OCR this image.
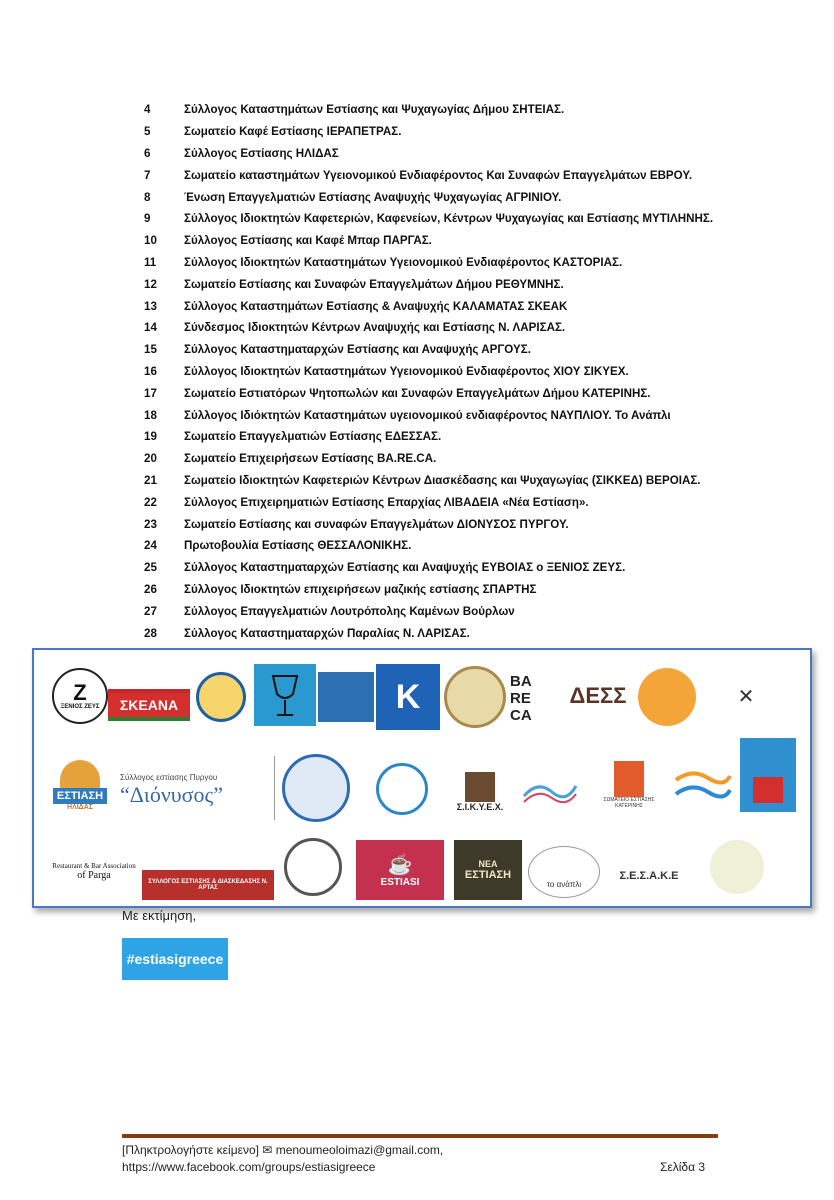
4	Σύλλογος Καταστημάτων Εστίασης και Ψυχαγωγίας Δήμου ΣΗΤΕΙΑΣ.
5	Σωματείο Καφέ Εστίασης ΙΕΡΑΠΕΤΡΑΣ.
6	Σύλλογος Εστίασης ΗΛΙΔΑΣ
7	Σωματείο καταστημάτων Υγειονομικού Ενδιαφέροντος Και Συναφών Επαγγελμάτων ΕΒΡΟΥ.
8	Ένωση Επαγγελματιών Εστίασης Αναψυχής Ψυχαγωγίας ΑΓΡΙΝΙΟΥ.
9	Σύλλογος Ιδιοκτητών Καφετεριών, Καφενείων, Κέντρων Ψυχαγωγίας και Εστίασης ΜΥΤΙΛΗΝΗΣ.
10	Σύλλογος Εστίασης και Καφέ Μπαρ ΠΑΡΓΑΣ.
11	Σύλλογος Ιδιοκτητών Καταστημάτων Υγειονομικού Ενδιαφέροντος ΚΑΣΤΟΡΙΑΣ.
12	Σωματείο Εστίασης και Συναφών Επαγγελμάτων Δήμου ΡΕΘΥΜΝΗΣ.
13	Σύλλογος Καταστημάτων Εστίασης & Αναψυχής ΚΑΛΑΜΑΤΑΣ ΣΚΕΑΚ
14	Σύνδεσμος Ιδιοκτητών Κέντρων Αναψυχής και Εστίασης Ν. ΛΑΡΙΣΑΣ.
15	Σύλλογος Καταστηματαρχών Εστίασης και Αναψυχής ΑΡΓΟΥΣ.
16	Σύλλογος Ιδιοκτητών Καταστημάτων Υγειονομικού Ενδιαφέροντος ΧΙΟΥ ΣΙΚΥΕΧ.
17	Σωματείο Εστιατόρων Ψητοπωλών και Συναφών Επαγγελμάτων Δήμου ΚΑΤΕΡΙΝΗΣ.
18	Σύλλογος Ιδιόκτητών Καταστημάτων υγειονομικού ενδιαφέροντος ΝΑΥΠΛΙΟΥ. Το Ανάπλι
19	Σωματείο Επαγγελματιών Εστίασης ΕΔΕΣΣΑΣ.
20	Σωματείο Επιχειρήσεων Εστίασης BA.RE.CA.
21	Σωματείο Ιδιοκτητών Καφετεριών Κέντρων Διασκέδασης και Ψυχαγωγίας (ΣΙΚΚΕΔ) ΒΕΡΟΙΑΣ.
22	Σύλλογος Επιχειρηματιών Εστίασης Επαρχίας ΛΙΒΑΔΕΙΑ «Νέα Εστίαση».
23	Σωματείο Εστίασης και συναφών Επαγγελμάτων ΔΙΟΝΥΣΟΣ ΠΥΡΓΟΥ.
24	Πρωτοβουλία Εστίασης ΘΕΣΣΑΛΟΝΙΚΗΣ.
25	Σύλλογος Καταστηματαρχών Εστίασης και Αναψυχής ΕΥΒΟΙΑΣ ο ΞΕΝΙΟΣ ΖΕΥΣ.
26	Σύλλογος Ιδιοκτητών επιχειρήσεων μαζικής εστίασης ΣΠΑΡΤΗΣ
27	Σύλλογος Επαγγελματιών Λουτρόπολης Καμένων Βούρλων
28	Σύλλογος Καταστηματαρχών Παραλίας Ν. ΛΑΡΙΣΑΣ.
Ζ
ΞΕΝΙΟΣ ΖΕΥΣ	ΣΚΕΑΝΑ	K	BA
RE
CA
ΔΕΣΣ	✕
ΕΣΤΙΑΣΗ
ΗΛΙΔΑΣ
Σύλλογος εστίασης Πυργου
“Διόνυσος”
Σ.Ι.Κ.Υ.Ε.Χ.
ΣΩΜΑΤΕΙΟ ΕΣΤΙΑΣΗΣ ΚΑΤΕΡΙΝΗΣ
Restaurant & Bar Association
of Parga
ΣΥΛΛΟΓΟΣ ΕΣΤΙΑΣΗΣ & ΔΙΑΣΚΕΔΑΣΗΣ Ν. ΑΡΤΑΣ
☕
ESTIASI
ΝΕΑ
ΕΣΤΙΑΣΗ
το ανάπλι
Σ.Ε.Σ.Α.Κ.Ε
Με εκτίμηση,
#estiasigreece
[Πληκτρολογήστε κείμενο] ✉ menoumeoloimazi@gmail.com,
https://www.facebook.com/groups/estiasigreece	Σελίδα 3
